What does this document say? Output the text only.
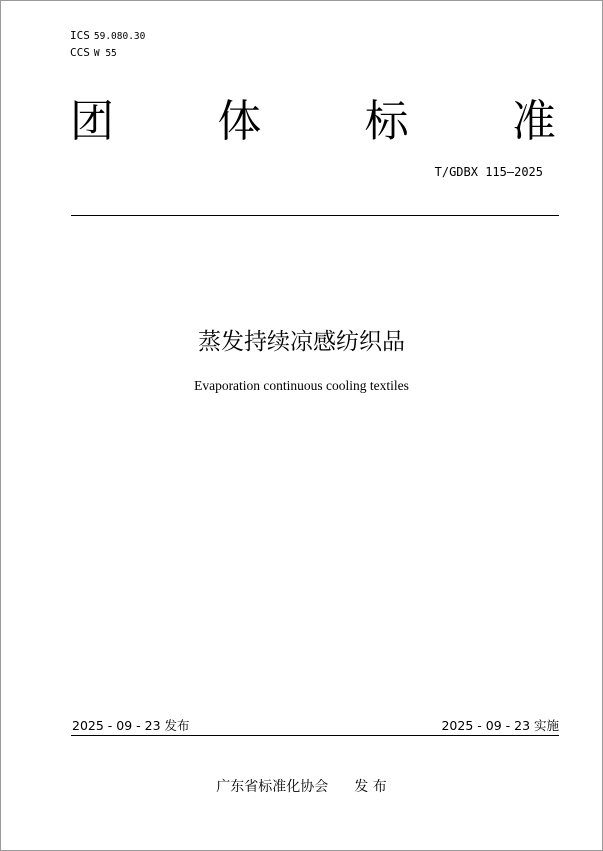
ICS 59.080.30
CCS W 55
团 体 标 准
T/GDBX 115—2025
蒸发持续凉感纺织品
Evaporation continuous cooling textiles
2025 - 09 - 23 发布	2025 - 09 - 23 实施
广东省标准化协会 发 布
